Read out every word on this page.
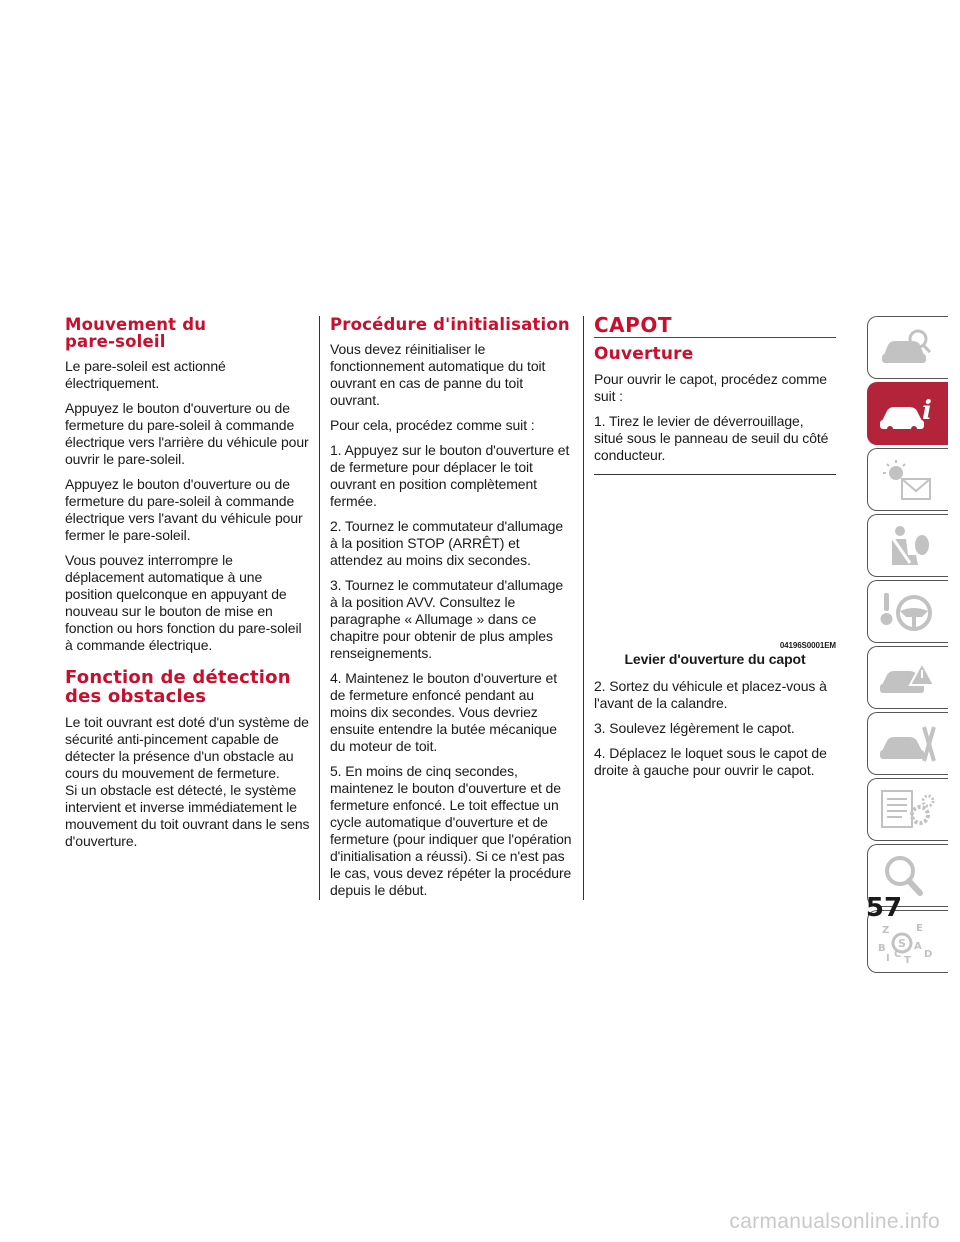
Mouvement du
pare-soleil

Le pare-soleil est actionné électriquement.

Appuyez le bouton d'ouverture ou de fermeture du pare-soleil à commande électrique vers l'arrière du véhicule pour ouvrir le pare-soleil.

Appuyez le bouton d'ouverture ou de fermeture du pare-soleil à commande électrique vers l'avant du véhicule pour fermer le pare-soleil.

Vous pouvez interrompre le déplacement automatique à une position quelconque en appuyant de nouveau sur le bouton de mise en fonction ou hors fonction du pare-soleil à commande électrique.

Fonction de détection
des obstacles

Le toit ouvrant est doté d'un système de sécurité anti-pincement capable de détecter la présence d'un obstacle au cours du mouvement de fermeture.
Si un obstacle est détecté, le système intervient et inverse immédiatement le mouvement du toit ouvrant dans le sens d'ouverture.

Procédure d'initialisation

Vous devez réinitialiser le fonctionnement automatique du toit ouvrant en cas de panne du toit ouvrant.

Pour cela, procédez comme suit :

1. Appuyez sur le bouton d'ouverture et de fermeture pour déplacer le toit ouvrant en position complètement fermée.

2. Tournez le commutateur d'allumage à la position STOP (ARRÊT) et attendez au moins dix secondes.

3. Tournez le commutateur d'allumage à la position AVV. Consultez le paragraphe « Allumage » dans ce chapitre pour obtenir de plus amples renseignements.

4. Maintenez le bouton d'ouverture et de fermeture enfoncé pendant au moins dix secondes. Vous devriez ensuite entendre la butée mécanique du moteur de toit.

5. En moins de cinq secondes, maintenez le bouton d'ouverture et de fermeture enfoncé. Le toit effectue un cycle automatique d'ouverture et de fermeture (pour indiquer que l'opération d'initialisation a réussi). Si ce n'est pas le cas, vous devez répéter la procédure depuis le début.

CAPOT
Ouverture

Pour ouvrir le capot, procédez comme suit :

1. Tirez le levier de déverrouillage, situé sous le panneau de seuil du côté conducteur.

04196S0001EM

Levier d'ouverture du capot

2. Sortez du véhicule et placez-vous à l'avant de la calandre.

3. Soulevez légèrement le capot.

4. Déplacez le loquet sous le capot de droite à gauche pour ouvrir le capot.

i
Z	E
B	A
I C
T
D
S
57
carmanualsonline.info
